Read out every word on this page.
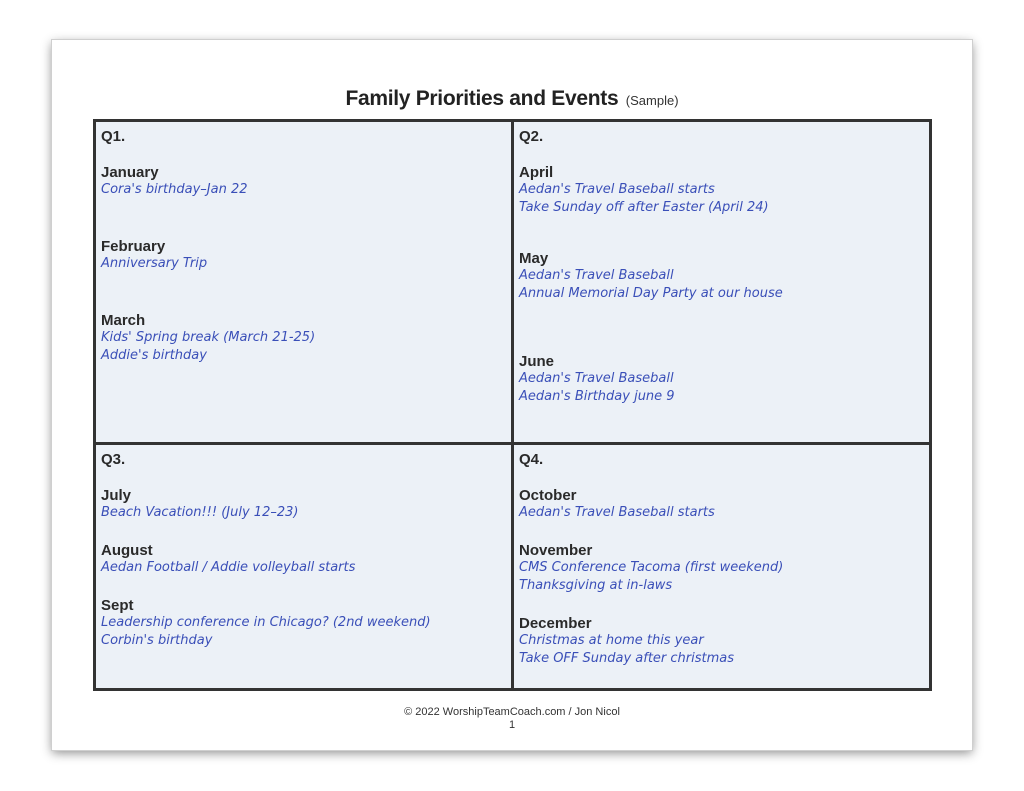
Family Priorities and Events (Sample)
Q1.
January
Cora's birthday–Jan 22
February
Anniversary Trip
March
Kids' Spring break (March 21-25)
Addie's birthday
Q2.
April
Aedan's Travel Baseball starts
Take Sunday off after Easter (April 24)
May
Aedan's Travel Baseball
Annual Memorial Day Party at our house
June
Aedan's Travel Baseball
Aedan's Birthday june 9
Q3.
July
Beach Vacation!!! (July 12–23)
August
Aedan Football / Addie volleyball starts
Sept
Leadership conference in Chicago? (2nd weekend)
Corbin's birthday
Q4.
October
Aedan's Travel Baseball starts
November
CMS Conference Tacoma (first weekend)
Thanksgiving at in-laws
December
Christmas at home this year
Take OFF Sunday after christmas
© 2022 WorshipTeamCoach.com / Jon Nicol
1
